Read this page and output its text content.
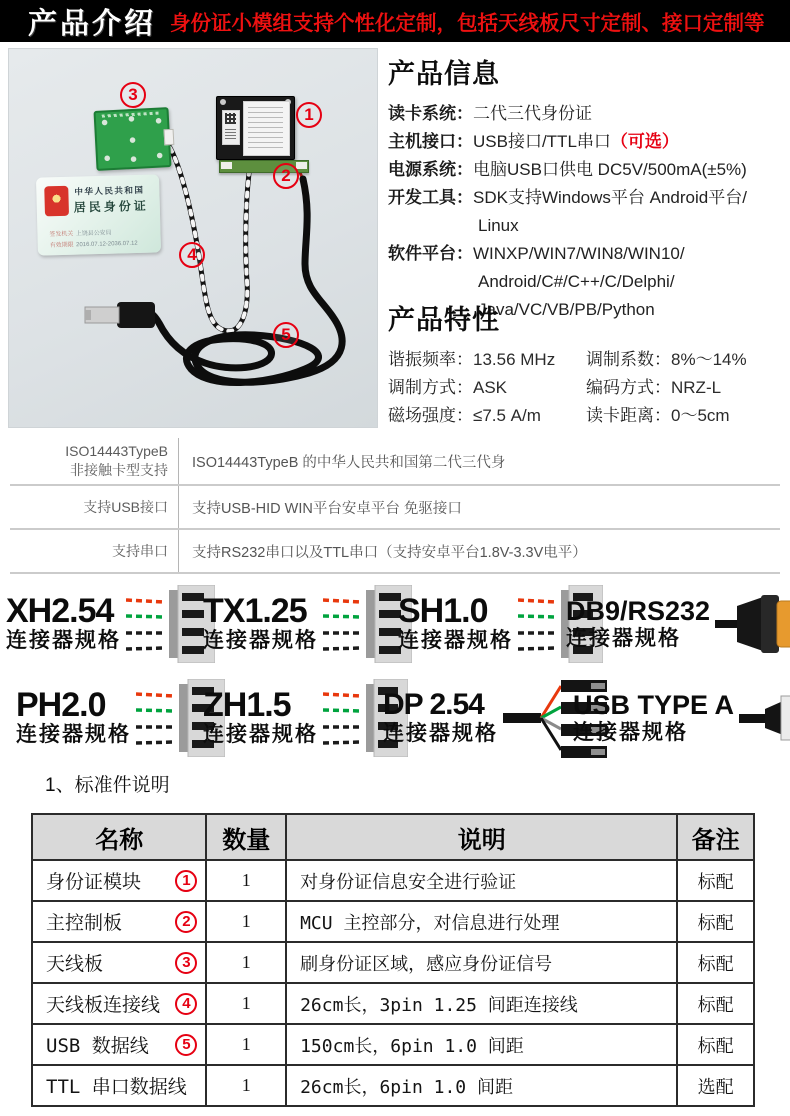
产品介绍 身份证小模组支持个性化定制，包括天线板尺寸定制、接口定制等
中华人民共和国
居民身份证
签发机关 上饶县公安局
有效期限 2016.07.12-2036.07.12
1
2
3
4
5
产品信息
读卡系统：二代三代身份证
主机接口：USB接口/TTL串口（可选）
电源系统：电脑USB口供电 DC5V/500mA(±5%)
开发工具：SDK支持Windows平台 Android平台/
Linux
软件平台：WINXP/WIN7/WIN8/WIN10/
Android/C#/C++/C/Delphi/
Java/VC/VB/PB/Python
产品特性
谐振频率：13.56 MHz	调制系数：8%～14%
调制方式：ASK	编码方式：NRZ-L
磁场强度：≤7.5 A/m	读卡距离：0～5cm
ISO14443TypeB
非接触卡型支持	ISO14443TypeB 的中华人民共和国第二代三代身
支持USB接口	支持USB-HID WIN平台安卓平台 免驱接口
支持串口	支持RS232串口以及TTL串口（支持安卓平台1.8V-3.3V电平）
XH2.54
连接器规格
TX1.25
连接器规格
SH1.0
连接器规格
DB9/RS232
连接器规格
PH2.0
连接器规格
ZH1.5
连接器规格
DP 2.54
连接器规格
USB TYPE A
连接器规格
1、标准件说明
名称	数量	说明	备注

身份证模块 1	1	对身份证信息安全进行验证	标配

主控制板 2	1	MCU 主控部分，对信息进行处理	标配

天线板 3	1	刷身份证区域，感应身份证信号	标配

天线板连接线 4	1	26cm长，3pin 1.25 间距连接线	标配

USB 数据线 5	1	150cm长，6pin 1.0 间距	标配

TTL 串口数据线	1	26cm长，6pin 1.0 间距	选配
